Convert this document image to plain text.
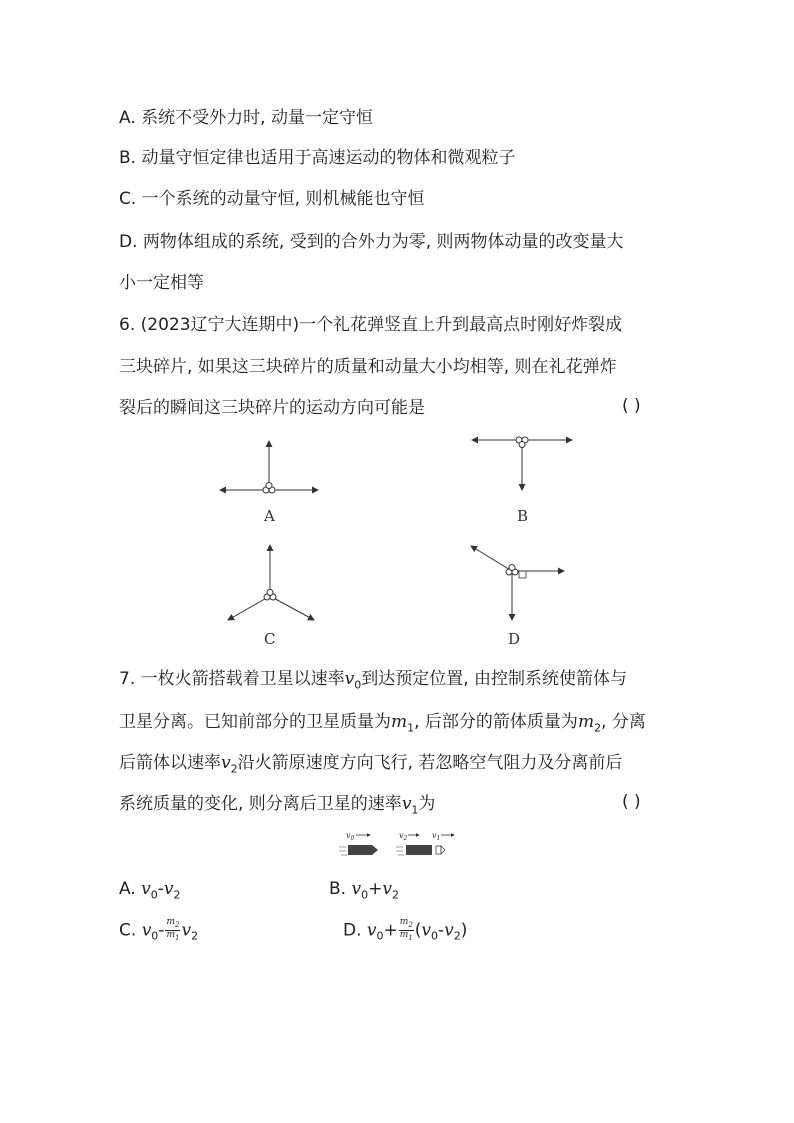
A. 系统不受外力时, 动量一定守恒
B. 动量守恒定律也适用于高速运动的物体和微观粒子
C. 一个系统的动量守恒, 则机械能也守恒
D. 两物体组成的系统, 受到的合外力为零, 则两物体动量的改变量大
小一定相等
6. (2023辽宁大连期中)一个礼花弹竖直上升到最高点时刚好炸裂成
三块碎片, 如果这三块碎片的质量和动量大小均相等, 则在礼花弹炸
裂后的瞬间这三块碎片的运动方向可能是	( )
A	B
C	D
7. 一枚火箭搭载着卫星以速率$v_0$到达预定位置, 由控制系统使箭体与
卫星分离。已知前部分的卫星质量为$m_1$, 后部分的箭体质量为$m_2$, 分离
后箭体以速率$v_2$沿火箭原速度方向飞行, 若忽略空气阻力及分离前后
系统质量的变化, 则分离后卫星的速率$v_1$为	( )
$v_0$	$v_2$	$v_1$
A. $v_0-v_2$	B. $v_0+v_2$
C. $v_0- \frac{m_2}{m_1} v_2$	D. $v_0+ \frac{m_2}{m_1} (v_0-v_2)$
